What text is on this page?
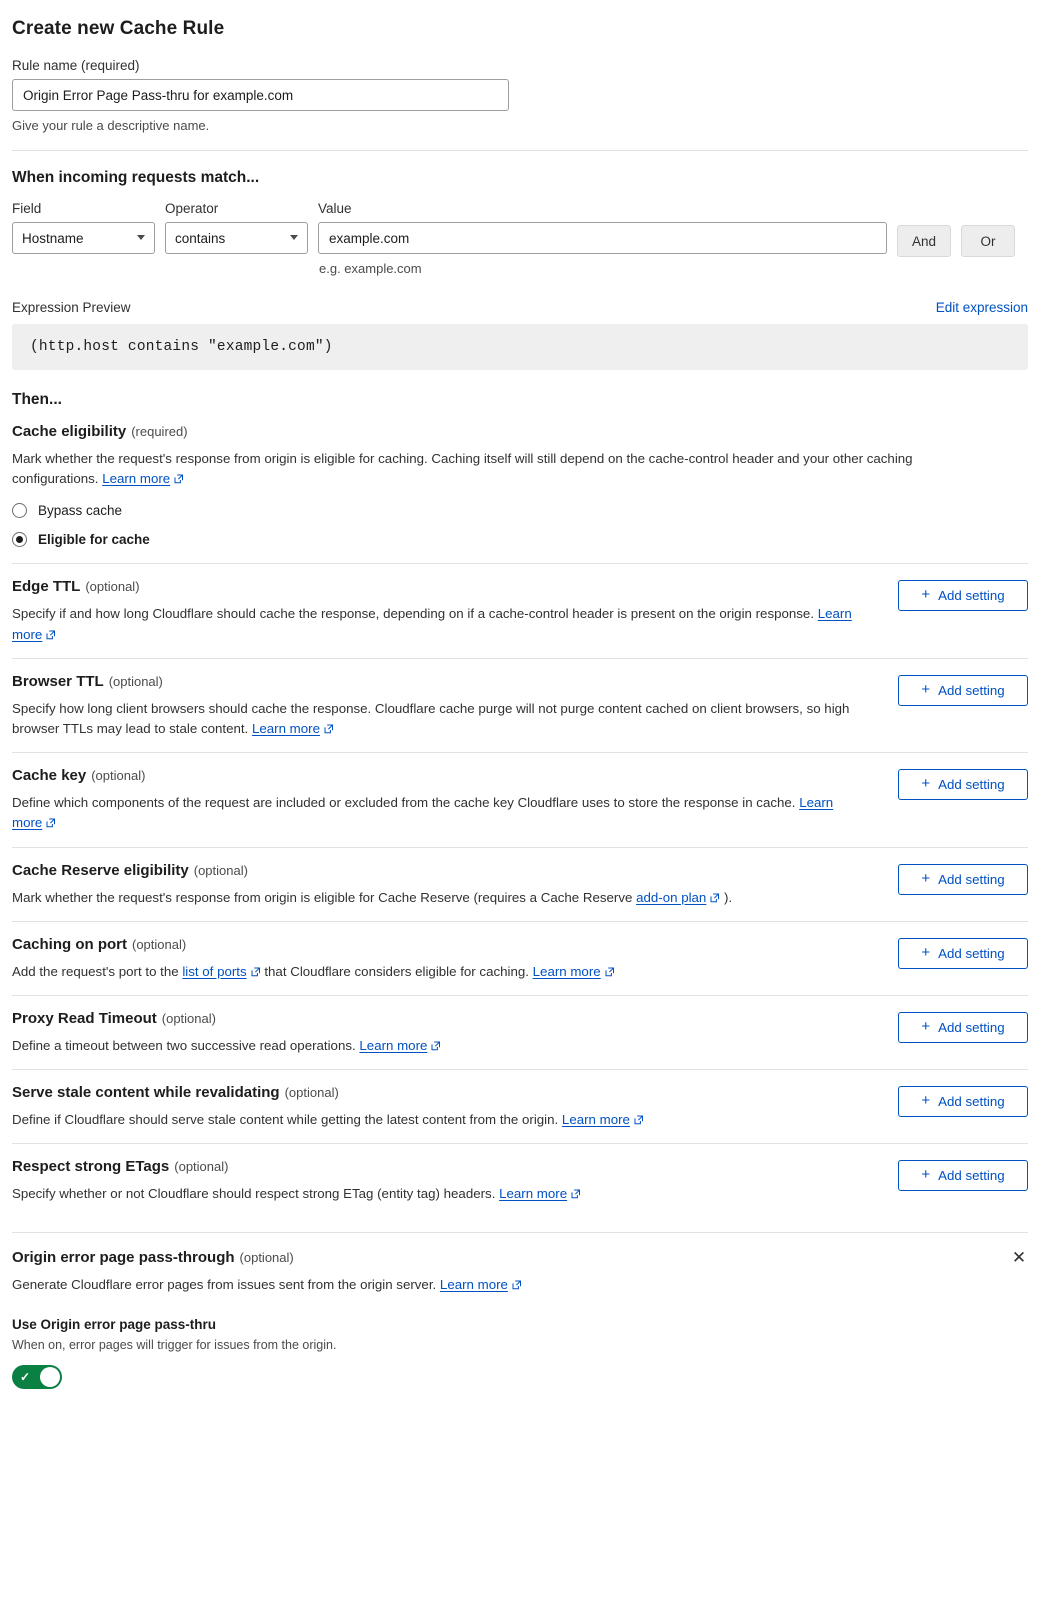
Create new Cache Rule
Rule name (required)
Origin Error Page Pass-thru for example.com
Give your rule a descriptive name.
When incoming requests match...
Field
Hostname	Operator
contains	Value
example.com
e.g. example.com
And	Or
Expression Preview	Edit expression
(http.host contains "example.com")
Then...
Cache eligibility (required)
Mark whether the request's response from origin is eligible for caching. Caching itself will still depend on the cache-control header and your other caching configurations. Learn more
Bypass cache
Eligible for cache
Edge TTL (optional)
Specify if and how long Cloudflare should cache the response, depending on if a cache-control header is present on the origin response. Learn more
+ Add setting
Browser TTL (optional)
Specify how long client browsers should cache the response. Cloudflare cache purge will not purge content cached on client browsers, so high browser TTLs may lead to stale content. Learn more
+ Add setting
Cache key (optional)
Define which components of the request are included or excluded from the cache key Cloudflare uses to store the response in cache. Learn more
+ Add setting
Cache Reserve eligibility (optional)
Mark whether the request's response from origin is eligible for Cache Reserve (requires a Cache Reserve add-on plan ).
+ Add setting
Caching on port (optional)
Add the request's port to the list of ports that Cloudflare considers eligible for caching. Learn more
+ Add setting
Proxy Read Timeout (optional)
Define a timeout between two successive read operations. Learn more
+ Add setting
Serve stale content while revalidating (optional)
Define if Cloudflare should serve stale content while getting the latest content from the origin. Learn more
+ Add setting
Respect strong ETags (optional)
Specify whether or not Cloudflare should respect strong ETag (entity tag) headers. Learn more
+ Add setting
✕
Origin error page pass-through (optional)
Generate Cloudflare error pages from issues sent from the origin server. Learn more
Use Origin error page pass-thru
When on, error pages will trigger for issues from the origin.
✓
